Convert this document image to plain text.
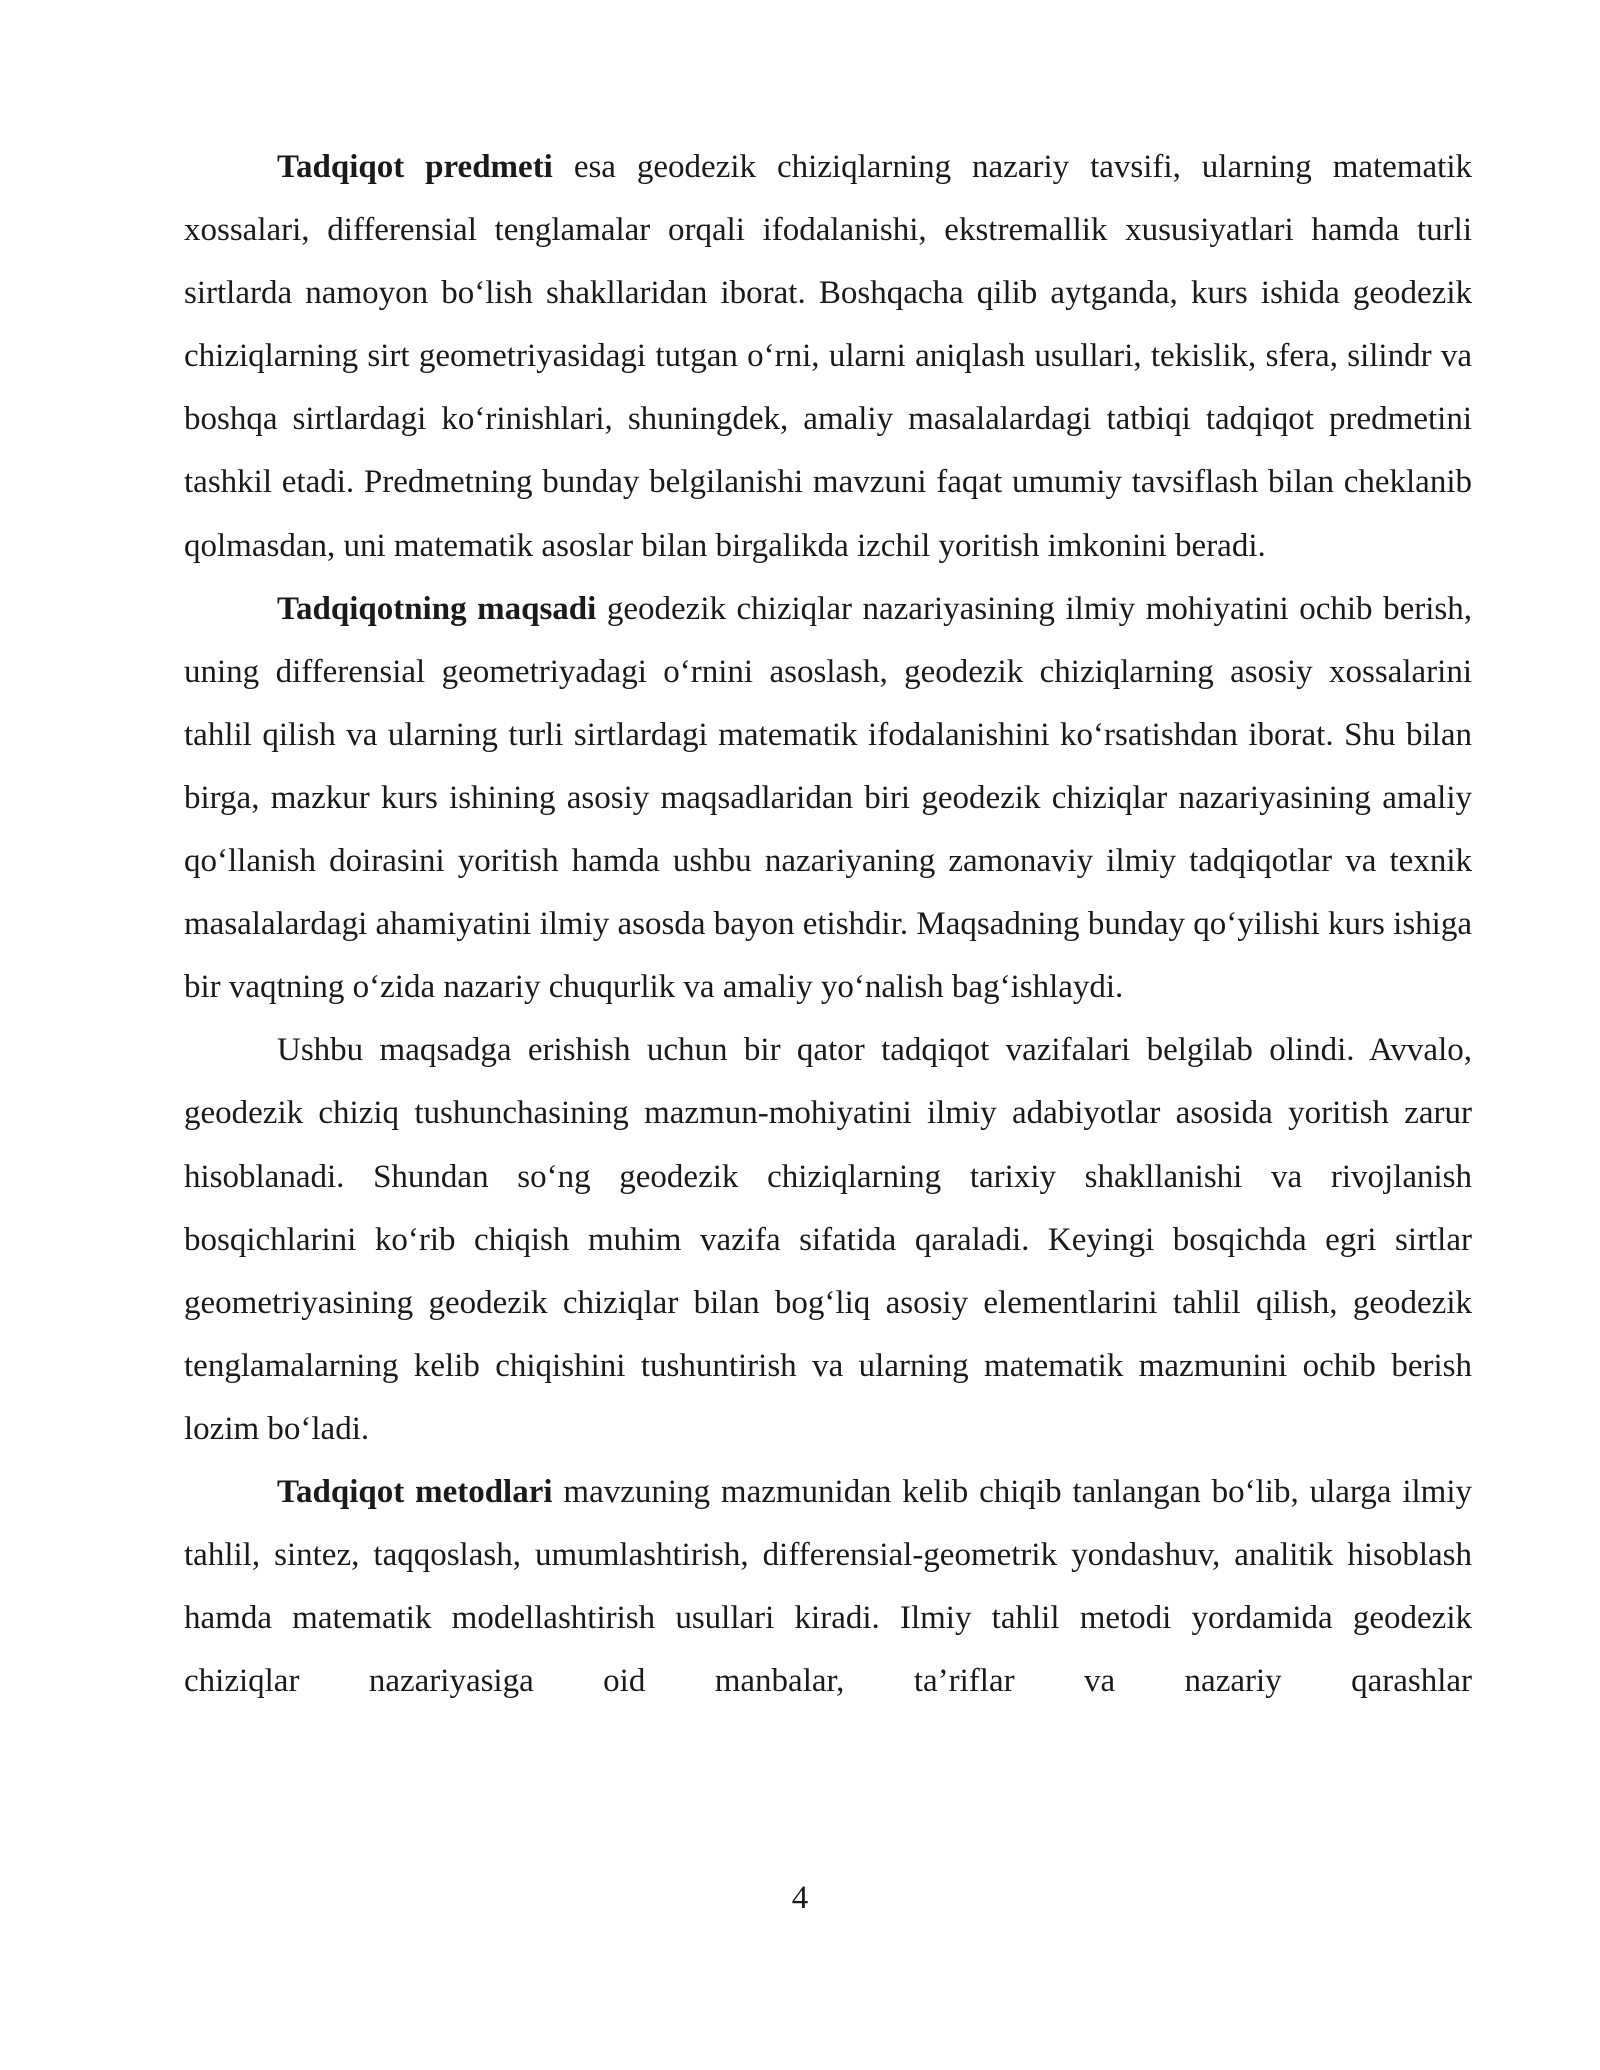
Tadqiqot predmeti esa geodezik chiziqlarning nazariy tavsifi, ularning matematik xossalari, differensial tenglamalar orqali ifodalanishi, ekstremallik xususiyatlari hamda turli sirtlarda namoyon bo‘lish shakllaridan iborat. Boshqacha qilib aytganda, kurs ishida geodezik chiziqlarning sirt geometriyasidagi tutgan o‘rni, ularni aniqlash usullari, tekislik, sfera, silindr va boshqa sirtlardagi ko‘rinishlari, shuningdek, amaliy masalalardagi tatbiqi tadqiqot predmetini tashkil etadi. Predmetning bunday belgilanishi mavzuni faqat umumiy tavsiflash bilan cheklanib qolmasdan, uni matematik asoslar bilan birgalikda izchil yoritish imkonini beradi.

Tadqiqotning maqsadi geodezik chiziqlar nazariyasining ilmiy mohiyatini ochib berish, uning differensial geometriyadagi o‘rnini asoslash, geodezik chiziqlarning asosiy xossalarini tahlil qilish va ularning turli sirtlardagi matematik ifodalanishini ko‘rsatishdan iborat. Shu bilan birga, mazkur kurs ishining asosiy maqsadlaridan biri geodezik chiziqlar nazariyasining amaliy qo‘llanish doirasini yoritish hamda ushbu nazariyaning zamonaviy ilmiy tadqiqotlar va texnik masalalardagi ahamiyatini ilmiy asosda bayon etishdir. Maqsadning bunday qo‘yilishi kurs ishiga bir vaqtning o‘zida nazariy chuqurlik va amaliy yo‘nalish bag‘ishlaydi.

Ushbu maqsadga erishish uchun bir qator tadqiqot vazifalari belgilab olindi. Avvalo, geodezik chiziq tushunchasining mazmun-mohiyatini ilmiy adabiyotlar asosida yoritish zarur hisoblanadi. Shundan so‘ng geodezik chiziqlarning tarixiy shakllanishi va rivojlanish bosqichlarini ko‘rib chiqish muhim vazifa sifatida qaraladi. Keyingi bosqichda egri sirtlar geometriyasining geodezik chiziqlar bilan bog‘liq asosiy elementlarini tahlil qilish, geodezik tenglamalarning kelib chiqishini tushuntirish va ularning matematik mazmunini ochib berish lozim bo‘ladi.

Tadqiqot metodlari mavzuning mazmunidan kelib chiqib tanlangan bo‘lib, ularga ilmiy tahlil, sintez, taqqoslash, umumlashtirish, differensial-geometrik yondashuv, analitik hisoblash hamda matematik modellashtirish usullari kiradi. Ilmiy tahlil metodi yordamida geodezik chiziqlar nazariyasiga oid manbalar, ta’riflar va nazariy qarashlar

4
